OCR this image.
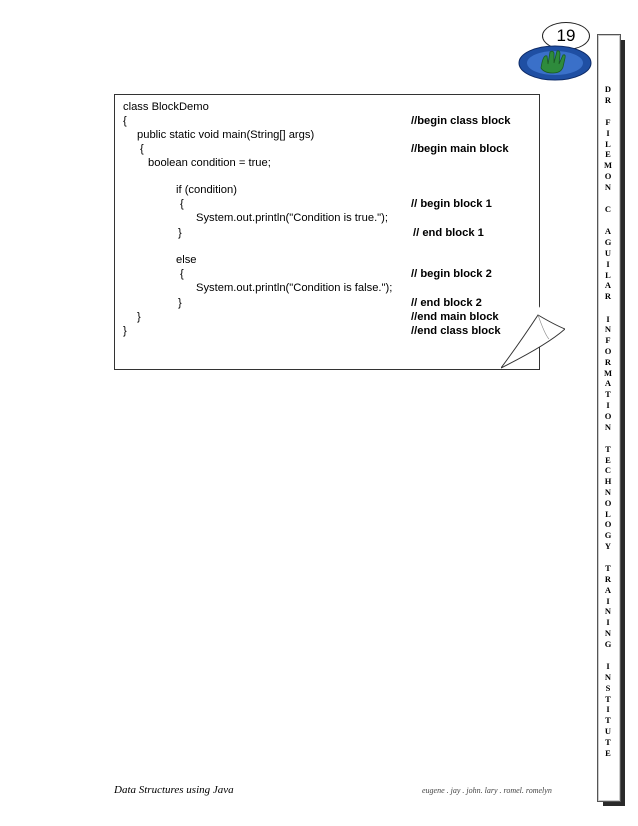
19
D
R
F
I
L
E
M
O
N
C
A
G
U
I
L
A
R
I
N
F
O
R
M
A
T
I
O
N
T
E
C
H
N
O
L
O
G
Y
T
R
A
I
N
I
N
G
I
N
S
T
I
T
U
T
E
class BlockDemo
{
public static void main(String[] args)
{
boolean condition = true;
if (condition)
{
System.out.println("Condition is true.");
}
else
{
System.out.println("Condition is false.");
}
}
}
//begin class block
//begin main block
// begin block 1
// end block 1
// begin block 2
// end block 2
//end main block
//end class block
Data Structures using Java	eugene . jay . john. lary . romel. romelyn
